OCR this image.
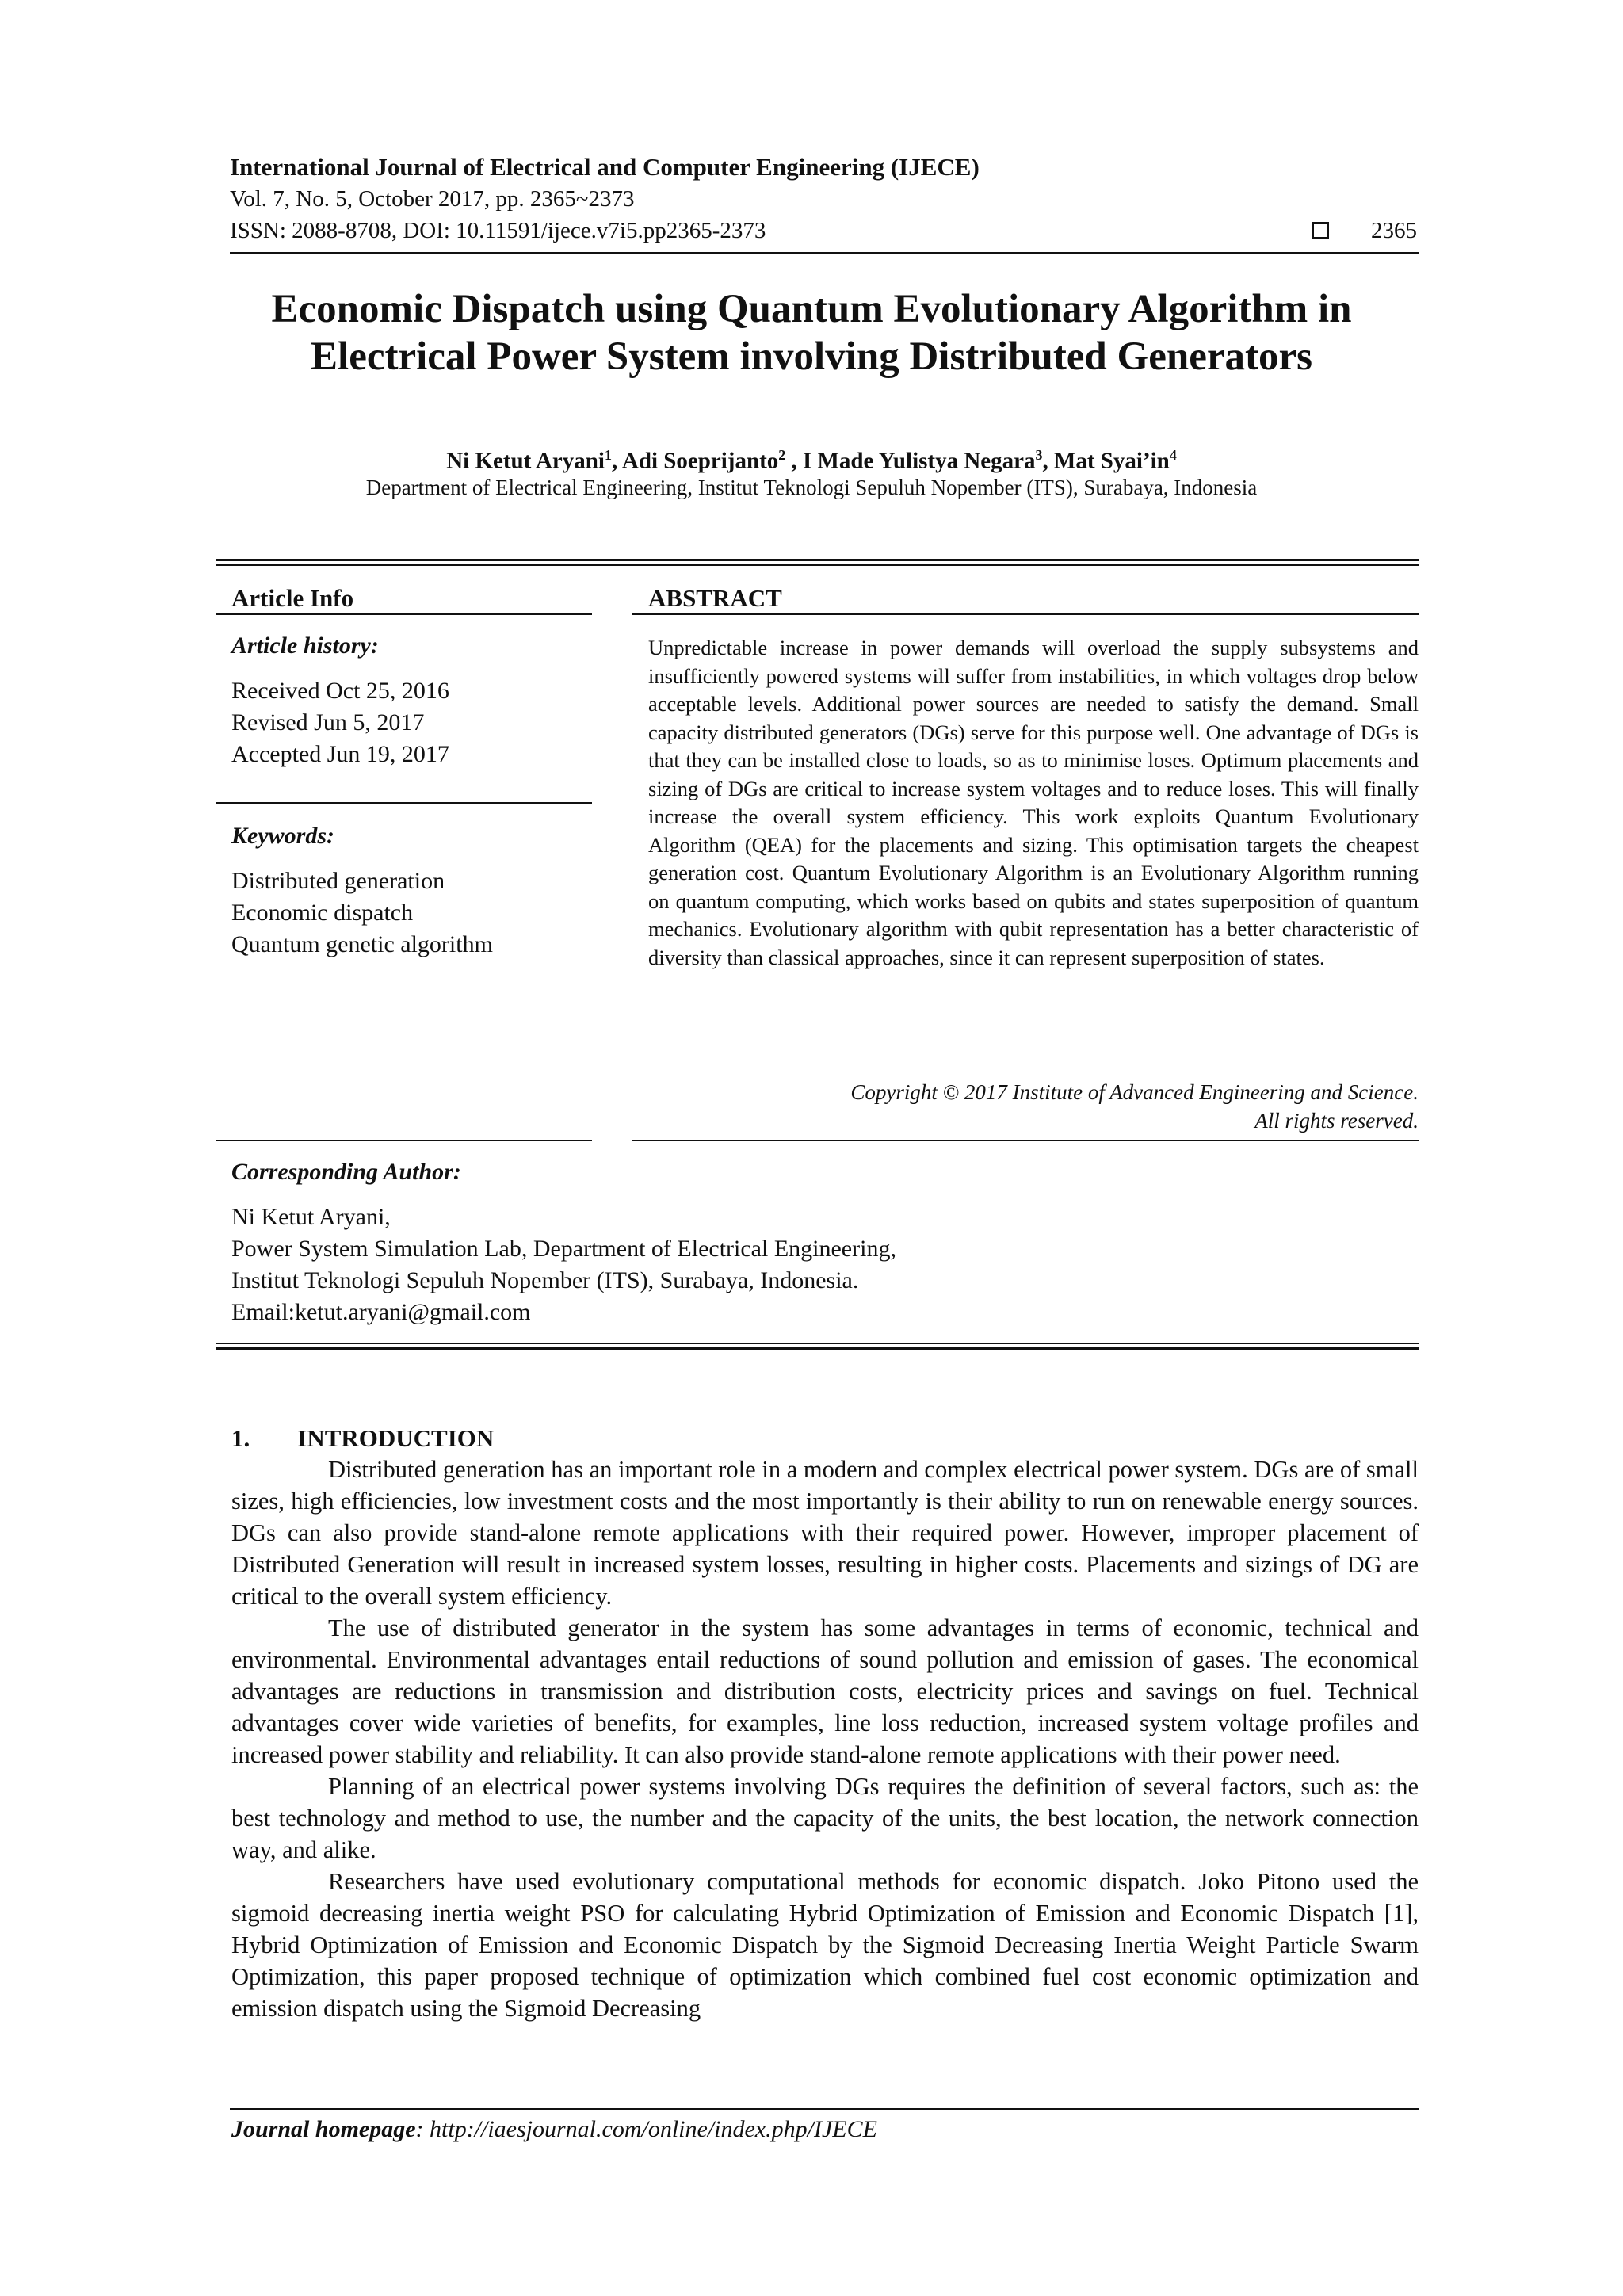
International Journal of Electrical and Computer Engineering (IJECE)
Vol. 7, No. 5, October 2017, pp. 2365~2373
ISSN: 2088-8708, DOI: 10.11591/ijece.v7i5.pp2365-2373	2365
Economic Dispatch using Quantum Evolutionary Algorithm in
Electrical Power System involving Distributed Generators
Ni Ketut Aryani$^1$, Adi Soeprijanto$^2$ , I Made Yulistya Negara$^3$, Mat $Syai’in^4$
Department of Electrical Engineering, Institut Teknologi Sepuluh Nopember (ITS), Surabaya, Indonesia
Article Info
Article history:
Received Oct 25, 2016
Revised Jun 5, 2017
Accepted Jun 19, 2017
Keywords:
Distributed generation
Economic dispatch
Quantum genetic algorithm
ABSTRACT
Unpredictable increase in power demands will overload the supply subsystems and insufficiently powered systems will suffer from instabilities, in which voltages drop below acceptable levels. Additional power sources are needed to satisfy the demand. Small capacity distributed generators (DGs) serve for this purpose well. One advantage of DGs is that they can be installed close to loads, so as to minimise loses. Optimum placements and sizing of DGs are critical to increase system voltages and to reduce loses. This will finally increase the overall system efficiency. This work exploits Quantum Evolutionary Algorithm (QEA) for the placements and sizing. This optimisation targets the cheapest generation cost. Quantum Evolutionary Algorithm is an Evolutionary Algorithm running on quantum computing, which works based on qubits and states superposition of quantum mechanics. Evolutionary algorithm with qubit representation has a better characteristic of diversity than classical approaches, since it can represent superposition of states.
Copyright © 2017 Institute of Advanced Engineering and Science.
All rights reserved.
Corresponding Author:
Ni Ketut Aryani,
Power System Simulation Lab, Department of Electrical Engineering,
Institut Teknologi Sepuluh Nopember (ITS), Surabaya, Indonesia.
Email:ketut.aryani@gmail.com
1. INTRODUCTION

Distributed generation has an important role in a modern and complex electrical power system. DGs are of small sizes, high efficiencies, low investment costs and the most importantly is their ability to run on renewable energy sources. DGs can also provide stand-alone remote applications with their required power. However, improper placement of Distributed Generation will result in increased system losses, resulting in higher costs. Placements and sizings of DG are critical to the overall system efficiency.

The use of distributed generator in the system has some advantages in terms of economic, technical and environmental. Environmental advantages entail reductions of sound pollution and emission of gases. The economical advantages are reductions in transmission and distribution costs, electricity prices and savings on fuel. Technical advantages cover wide varieties of benefits, for examples, line loss reduction, increased system voltage profiles and increased power stability and reliability. It can also provide stand-alone remote applications with their power need.

Planning of an electrical power systems involving DGs requires the definition of several factors, such as: the best technology and method to use, the number and the capacity of the units, the best location, the network connection way, and alike.

Researchers have used evolutionary computational methods for economic dispatch. Joko Pitono used the sigmoid decreasing inertia weight PSO for calculating Hybrid Optimization of Emission and Economic Dispatch [1], Hybrid Optimization of Emission and Economic Dispatch by the Sigmoid Decreasing Inertia Weight Particle Swarm Optimization, this paper proposed technique of optimization which combined fuel cost economic optimization and emission dispatch using the Sigmoid Decreasing

Journal homepage: http://iaesjournal.com/online/index.php/IJECE
